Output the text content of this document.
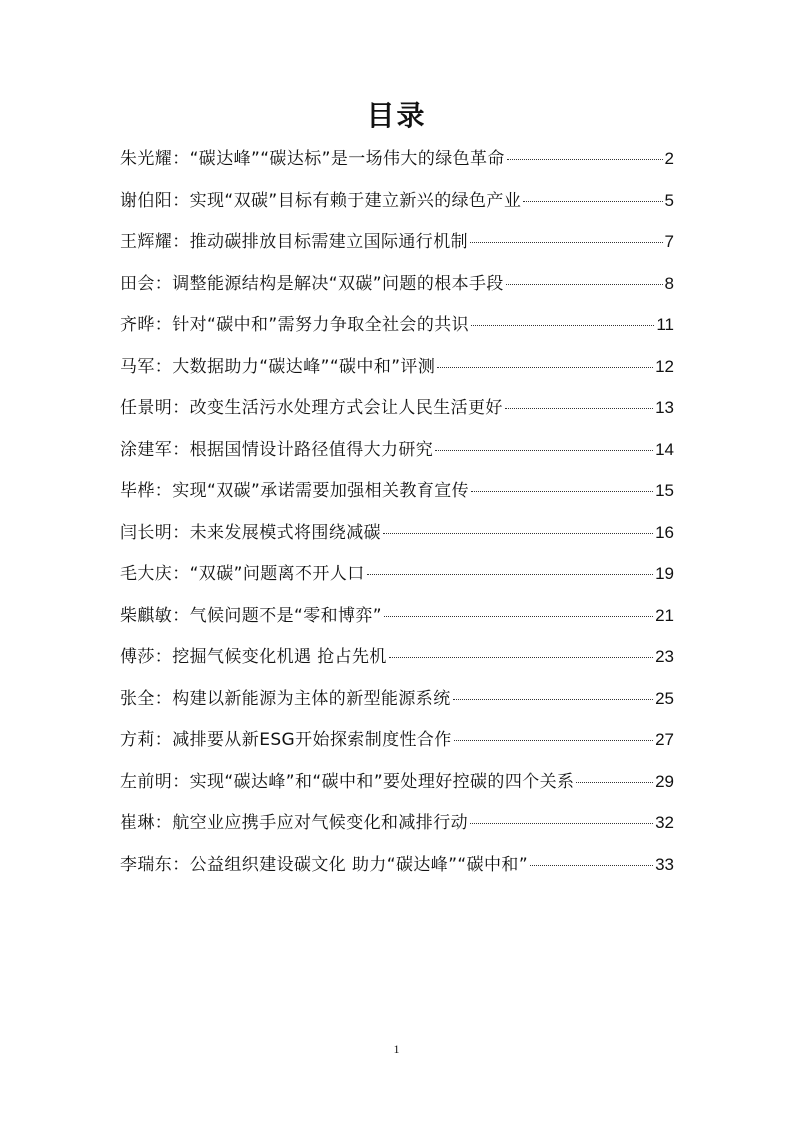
目录
朱光耀：“碳达峰”“碳达标”是一场伟大的绿色革命	2
谢伯阳：实现“双碳”目标有赖于建立新兴的绿色产业	5
王辉耀：推动碳排放目标需建立国际通行机制	7
田会：调整能源结构是解决“双碳”问题的根本手段	8
齐晔：针对“碳中和”需努力争取全社会的共识	11
马军：大数据助力“碳达峰”“碳中和”评测	12
任景明：改变生活污水处理方式会让人民生活更好	13
涂建军：根据国情设计路径值得大力研究	14
毕桦：实现“双碳”承诺需要加强相关教育宣传	15
闫长明：未来发展模式将围绕减碳	16
毛大庆：“双碳”问题离不开人口	19
柴麒敏：气候问题不是“零和博弈”	21
傅莎：挖掘气候变化机遇 抢占先机	23
张全：构建以新能源为主体的新型能源系统	25
方莉：减排要从新ESG开始探索制度性合作	27
左前明：实现“碳达峰”和“碳中和”要处理好控碳的四个关系	29
崔琳：航空业应携手应对气候变化和减排行动	32
李瑞东：公益组织建设碳文化 助力“碳达峰”“碳中和”	33
1
